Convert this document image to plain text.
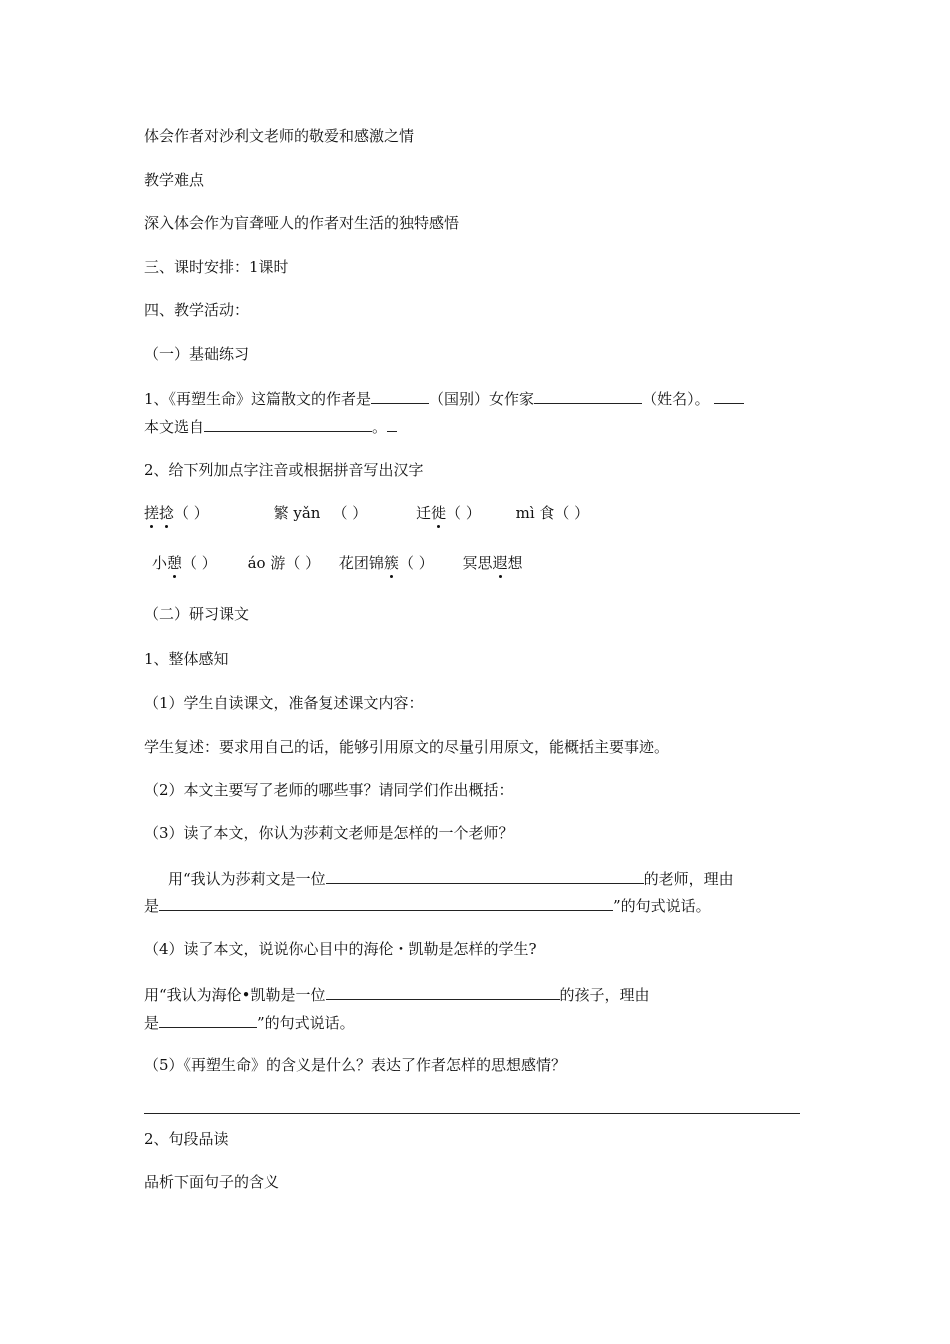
体会作者对沙利文老师的敬爱和感激之情
教学难点
深入体会作为盲聋哑人的作者对生活的独特感悟
三、课时安排：1课时
四、教学活动：
（一）基础练习
1、《再塑生命》这篇散文的作者是	（国别）女作家	（姓名）。
本文选自	。
2、给下列加点字注音或根据拼音写出汉字
搓捻（ ）	繁 yǎn （ ）	迁徙（ ） mì 食（ ）
小憩（ ） áo 游（ ） 花团锦簇（ ） 冥思遐想
（二）研习课文
1、整体感知
（1）学生自读课文，准备复述课文内容：
学生复述：要求用自己的话，能够引用原文的尽量引用原文，能概括主要事迹。
（2）本文主要写了老师的哪些事？请同学们作出概括：
（3）读了本文，你认为莎莉文老师是怎样的一个老师？
用“我认为莎莉文是一位	的老师，理由
是	”的句式说话。
（4）读了本文，说说你心目中的海伦・凯勒是怎样的学生?
用“我认为海伦•凯勒是一位	的孩子，理由
是	”的句式说话。
（5）《再塑生命》的含义是什么？表达了作者怎样的思想感情？
2、句段品读
品析下面句子的含义
